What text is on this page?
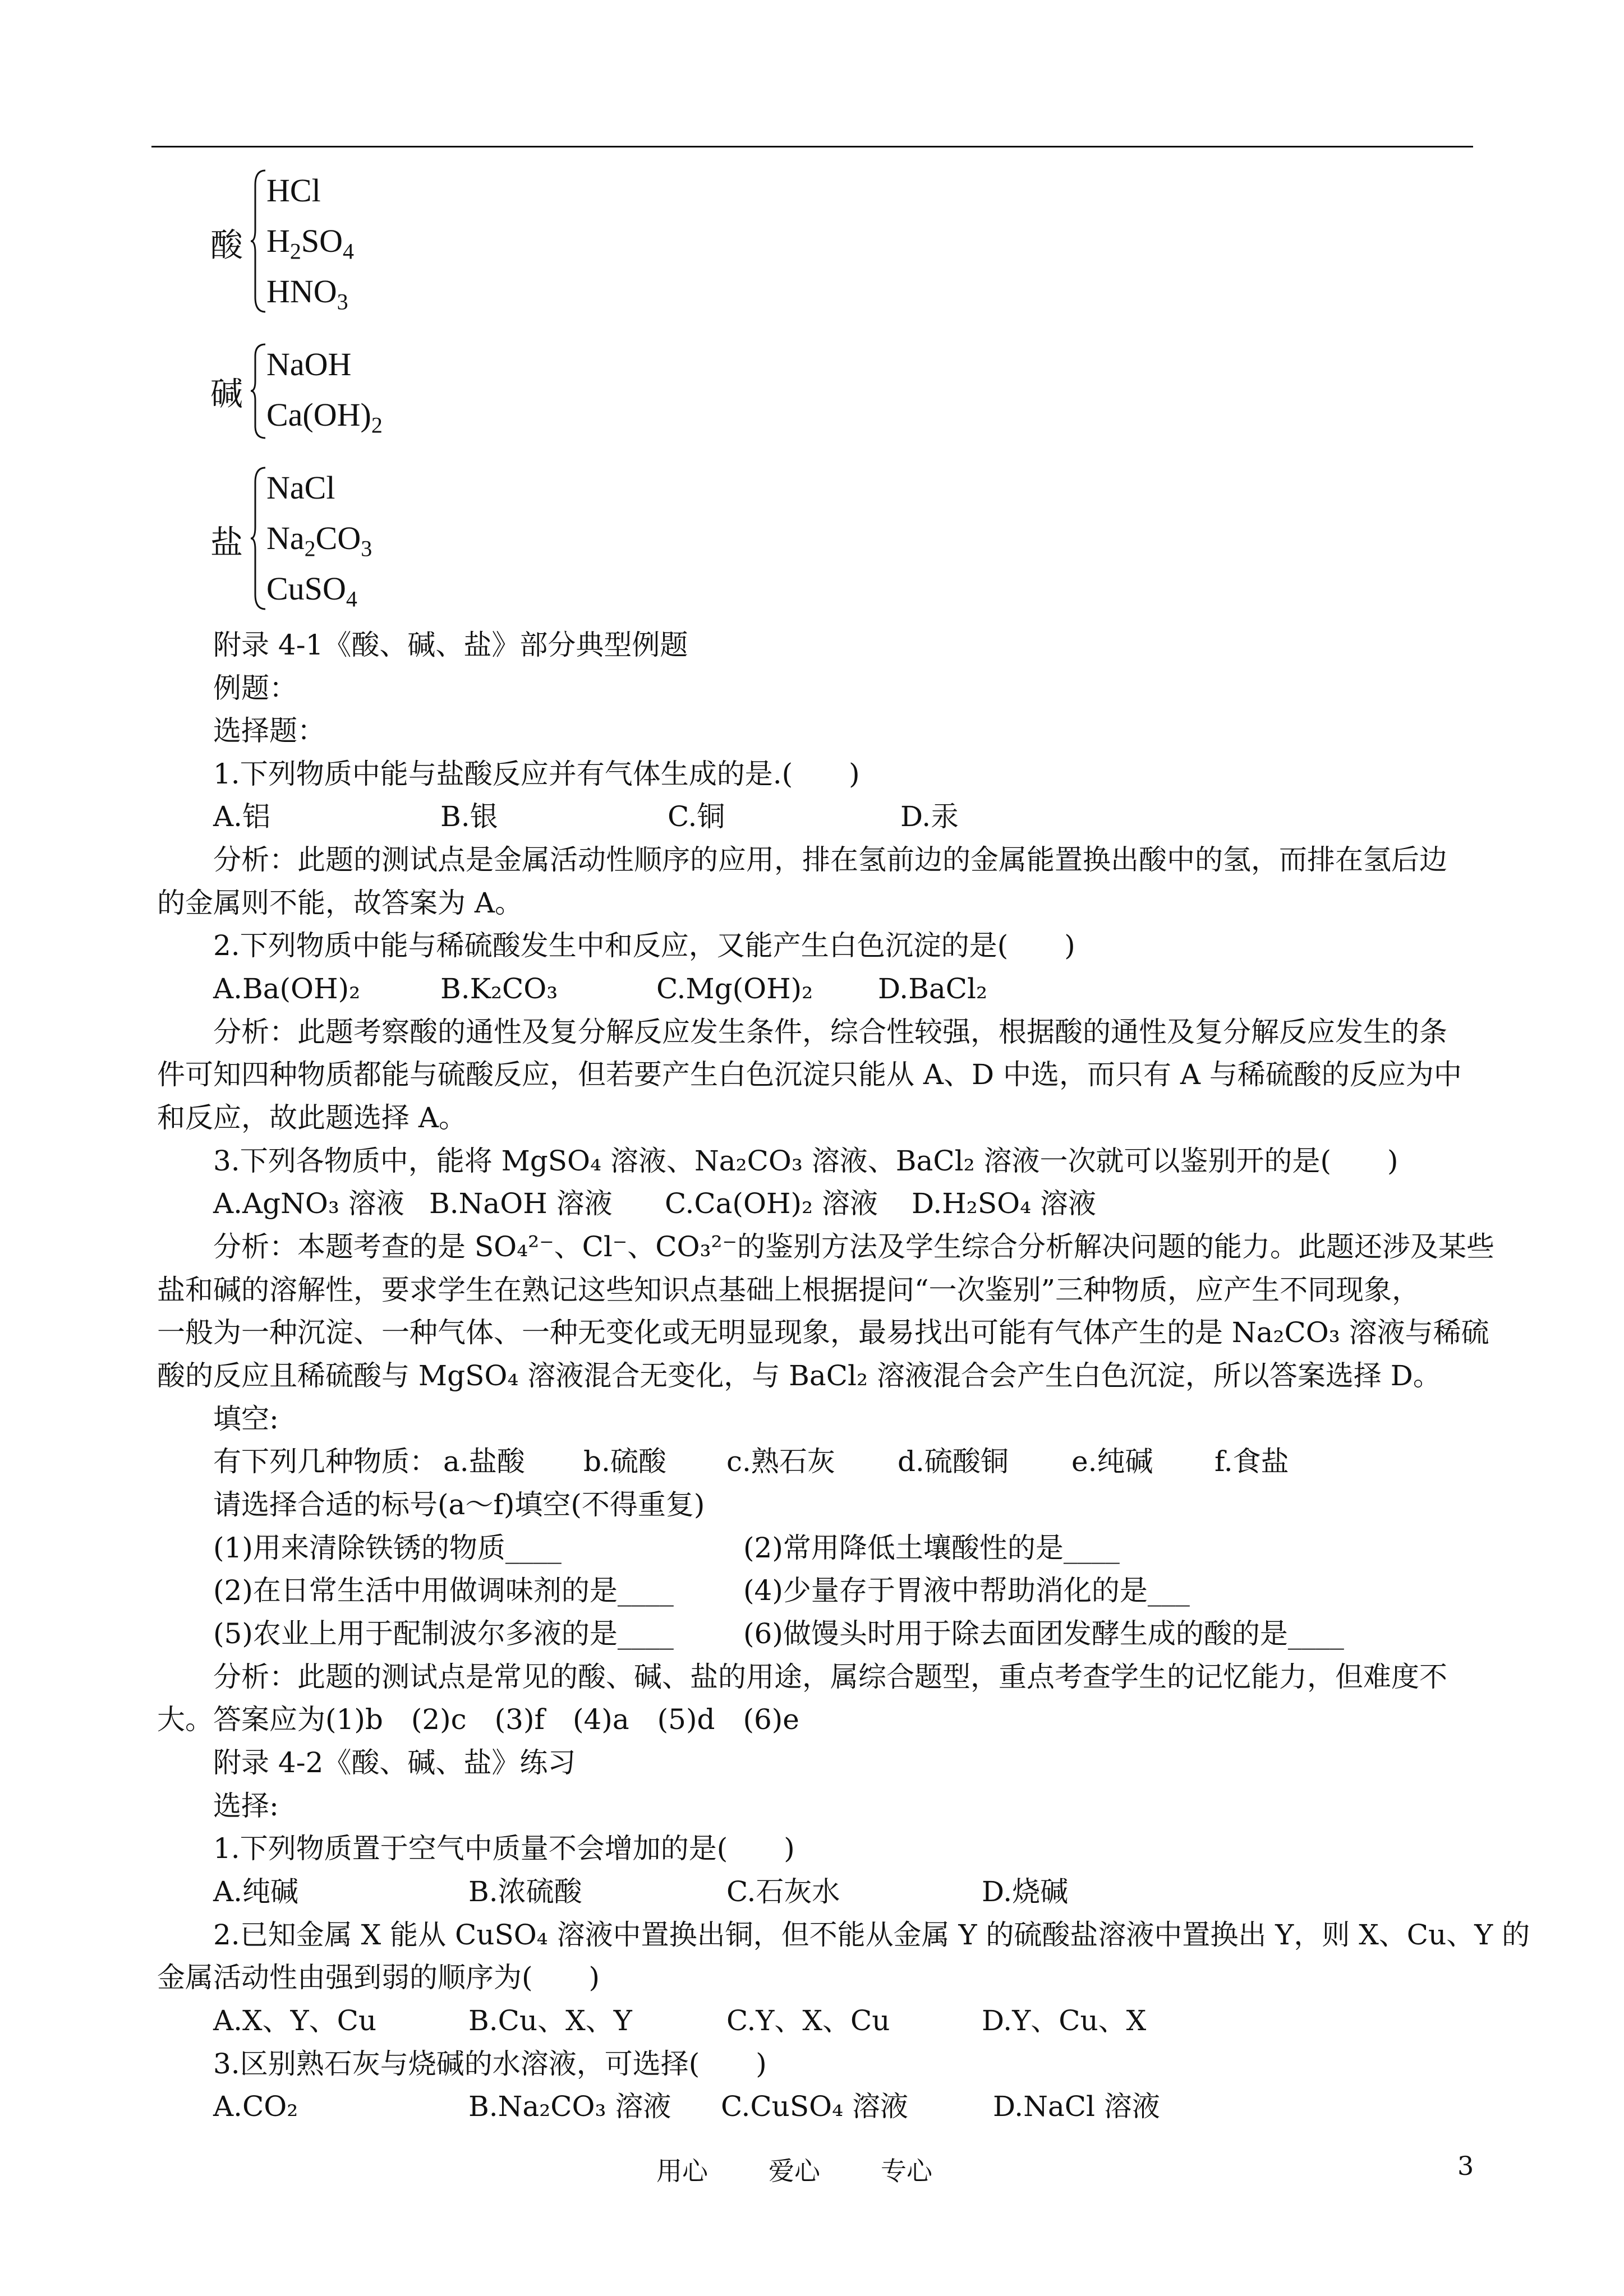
酸
HCl
$H_2SO_4$
$HNO_3$
碱
NaOH
$Ca(OH)_2$
盐
NaCl
$Na_2CO_3$
CuSO$_4$
附录 4-1《酸、碱、盐》部分典型例题
例题：
选择题：
1.下列物质中能与盐酸反应并有气体生成的是.(　　)
A.铝	B.银	C.铜	D.汞
分析：此题的测试点是金属活动性顺序的应用，排在氢前边的金属能置换出酸中的氢，而排在氢后边
的金属则不能，故答案为 A。
2.下列物质中能与稀硫酸发生中和反应，又能产生白色沉淀的是(　　)
A.Ba(OH)₂	B.K₂CO₃	C.Mg(OH)₂ D.BaCl₂
分析：此题考察酸的通性及复分解反应发生条件，综合性较强，根据酸的通性及复分解反应发生的条
件可知四种物质都能与硫酸反应，但若要产生白色沉淀只能从 A、D 中选，而只有 A 与稀硫酸的反应为中
和反应，故此题选择 A。
3.下列各物质中，能将 MgSO₄ 溶液、Na₂CO₃ 溶液、BaCl₂ 溶液一次就可以鉴别开的是(　　)
A.AgNO₃ 溶液 B.NaOH 溶液 C.Ca(OH)₂ 溶液 D.H₂SO₄ 溶液
分析：本题考查的是 SO₄²⁻、Cl⁻、CO₃²⁻的鉴别方法及学生综合分析解决问题的能力。此题还涉及某些
盐和碱的溶解性，要求学生在熟记这些知识点基础上根据提问“一次鉴别”三种物质，应产生不同现象，
一般为一种沉淀、一种气体、一种无变化或无明显现象，最易找出可能有气体产生的是 Na₂CO₃ 溶液与稀硫
酸的反应且稀硫酸与 MgSO₄ 溶液混合无变化，与 BaCl₂ 溶液混合会产生白色沉淀，所以答案选择 D。
填空:
有下列几种物质： a.盐酸 b.硫酸 c.熟石灰 d.硫酸铜 e.纯碱 f.食盐
请选择合适的标号(a～f)填空(不得重复)
(1)用来清除铁锈的物质____	(2)常用降低土壤酸性的是____
(2)在日常生活中用做调味剂的是____ (4)少量存于胃液中帮助消化的是___
(5)农业上用于配制波尔多液的是____ (6)做馒头时用于除去面团发酵生成的酸的是____
分析：此题的测试点是常见的酸、碱、盐的用途，属综合题型，重点考查学生的记忆能力，但难度不
大。答案应为(1)b　(2)c　(3)f　(4)a　(5)d　(6)e
附录 4-2《酸、碱、盐》练习
选择:
1.下列物质置于空气中质量不会增加的是(　　)
A.纯碱	B.浓硫酸	C.石灰水	D.烧碱
2.已知金属 X 能从 CuSO₄ 溶液中置换出铜，但不能从金属 Y 的硫酸盐溶液中置换出 Y，则 X、Cu、Y 的
金属活动性由强到弱的顺序为(　　)
A.X、Y、Cu	B.Cu、X、Y	C.Y、X、Cu	D.Y、Cu、X
3.区别熟石灰与烧碱的水溶液，可选择(　　)
A.CO₂	B.Na₂CO₃ 溶液 C.CuSO₄ 溶液	D.NaCl 溶液
用心 爱心 专心	3
